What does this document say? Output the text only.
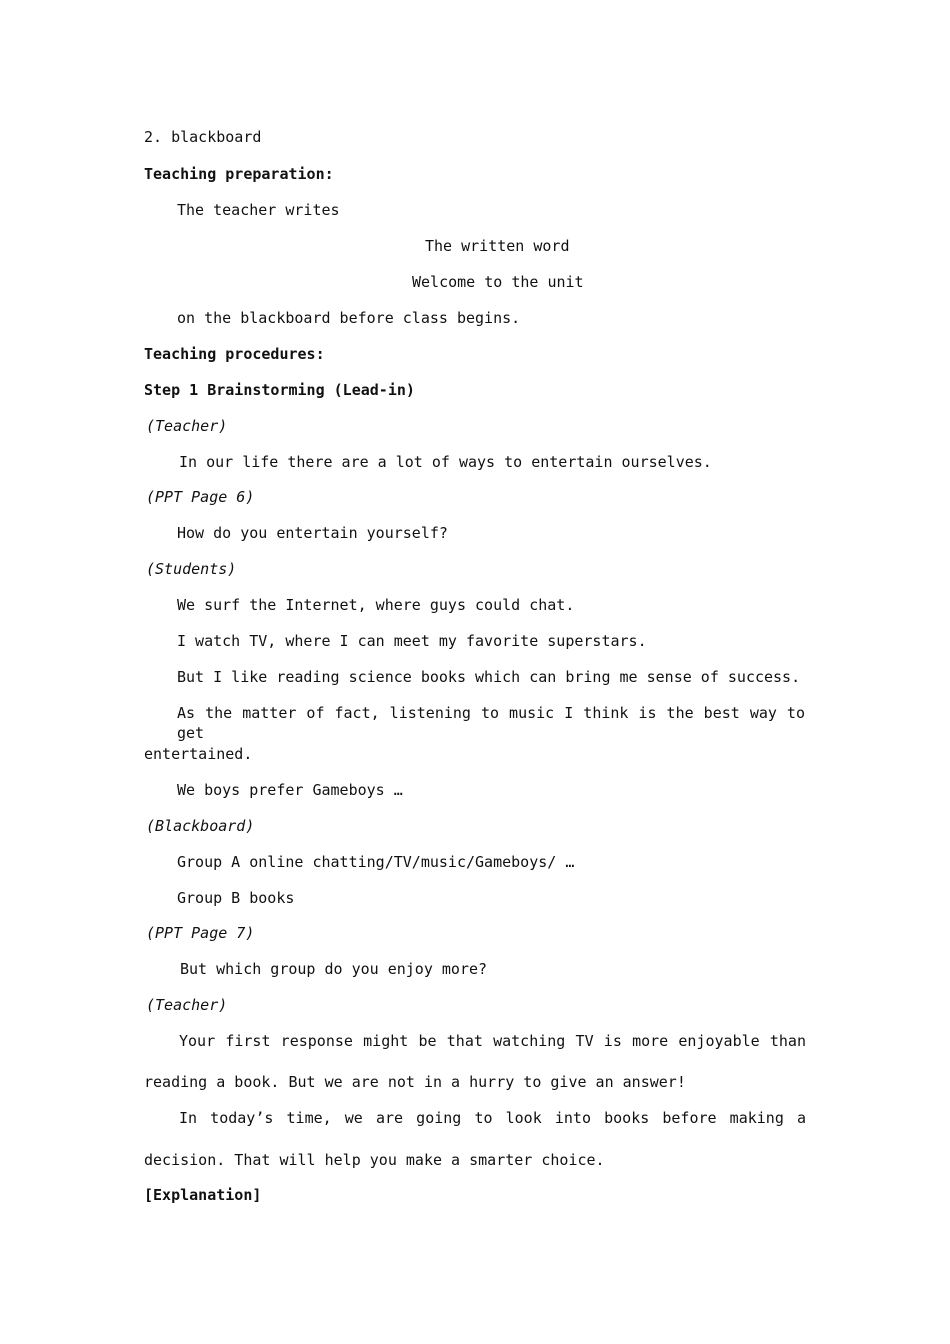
2. blackboard
Teaching preparation:
The teacher writes
The written word
Welcome to the unit
on the blackboard before class begins.
Teaching procedures:
Step 1 Brainstorming (Lead-in)
(Teacher)
In our life there are a lot of ways to entertain ourselves.
(PPT Page 6)
How do you entertain yourself?
(Students)
We surf the Internet, where guys could chat.
I watch TV, where I can meet my favorite superstars.
But I like reading science books which can bring me sense of success.
As the matter of fact, listening to music I think is the best way to get
entertained.
We boys prefer Gameboys …
(Blackboard)
Group A online chatting/TV/music/Gameboys/ …
Group B books
(PPT Page 7)
But which group do you enjoy more?
(Teacher)
Your first response might be that watching TV is more enjoyable than
reading a book. But we are not in a hurry to give an answer!
In today’s time, we are going to look into books before making a
decision. That will help you make a smarter choice.
[Explanation]
